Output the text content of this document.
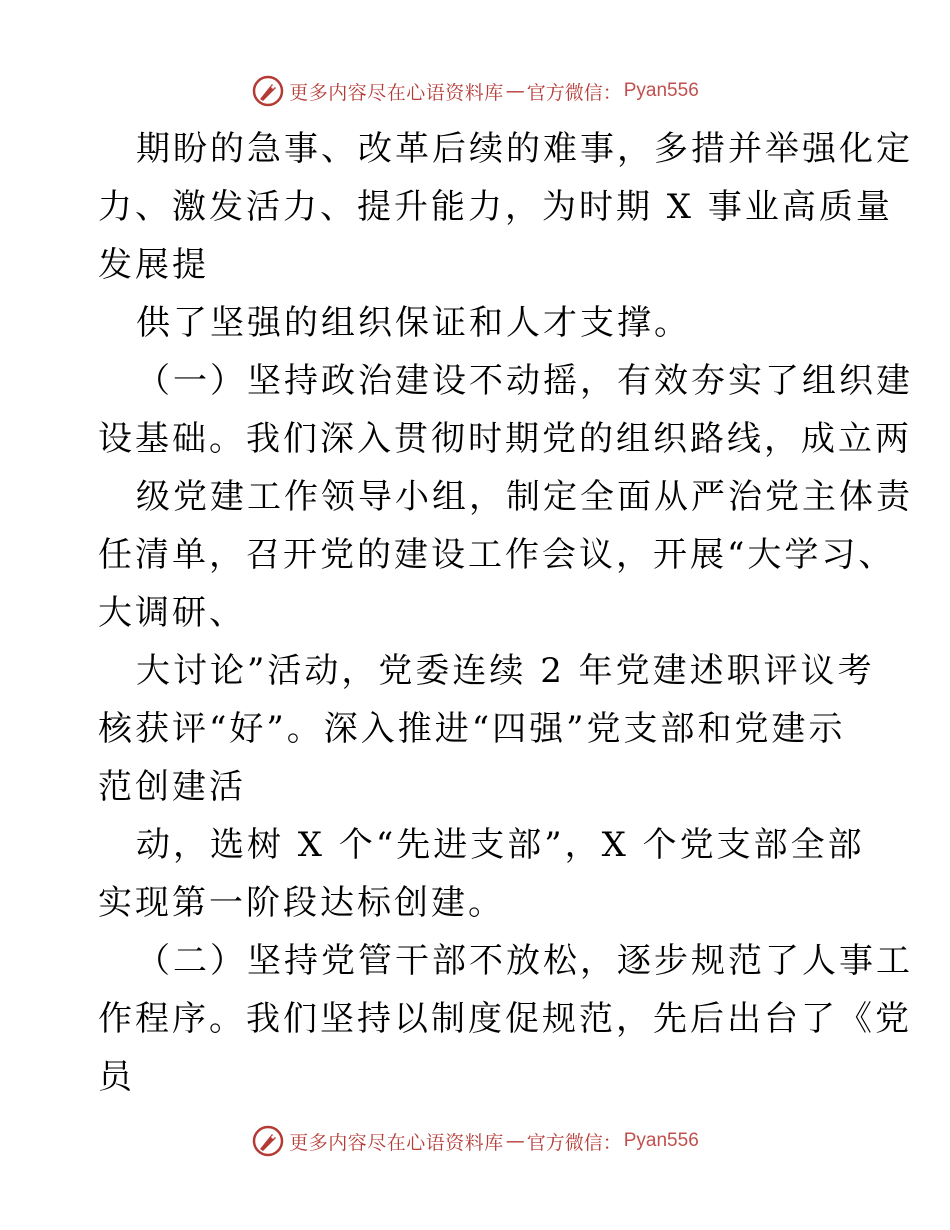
更多内容尽在心语资料库 — 官方微信： Pyan556
期盼的急事、改革后续的难事，多措并举强化定
力、激发活力、提升能力，为时期 X 事业高质量
发展提
供了坚强的组织保证和人才支撑。
（一）坚持政治建设不动摇，有效夯实了组织建
设基础。我们深入贯彻时期党的组织路线，成立两
级党建工作领导小组，制定全面从严治党主体责
任清单，召开党的建设工作会议，开展“大学习、
大调研、
大讨论”活动，党委连续 2 年党建述职评议考
核获评“好”。深入推进“四强”党支部和党建示
范创建活
动，选树 X 个“先进支部”，X 个党支部全部
实现第一阶段达标创建。
（二）坚持党管干部不放松，逐步规范了人事工
作程序。我们坚持以制度促规范，先后出台了《党
员
更多内容尽在心语资料库 — 官方微信： Pyan556
